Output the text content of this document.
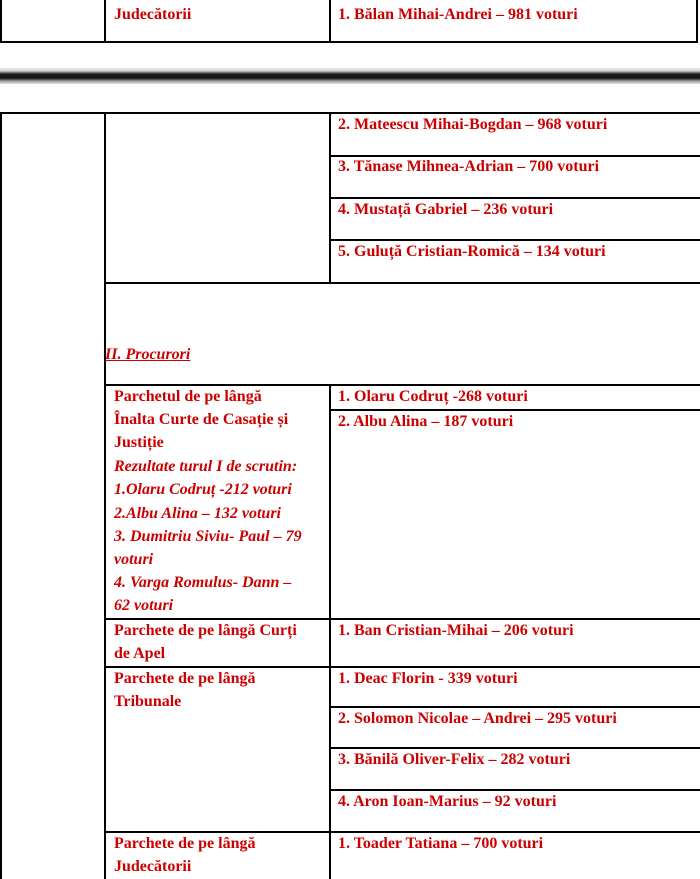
Judecătorii	1. Bălan Mihai-Andrei – 981 voturi
2. Mateescu Mihai-Bogdan – 968 voturi
3. Tănase Mihnea-Adrian – 700 voturi
4. Mustață Gabriel – 236 voturi
5. Guluță Cristian-Romică – 134 voturi
II. Procurori
Parchetul de pe lângă
Înalta Curte de Casație și
Justiție
Rezultate turul I de scrutin:
1.Olaru Codruț -212 voturi
2.Albu Alina – 132 voturi
3. Dumitriu Siviu- Paul – 79
voturi
4. Varga Romulus- Dann –
62 voturi
1. Olaru Codruț -268 voturi
2. Albu Alina – 187 voturi
Parchete de pe lângă Curți
de Apel
1. Ban Cristian-Mihai – 206 voturi
Parchete de pe lângă
Tribunale
1. Deac Florin - 339 voturi
2. Solomon Nicolae – Andrei – 295 voturi
3. Bănilă Oliver-Felix – 282 voturi
4. Aron Ioan-Marius – 92 voturi
Parchete de pe lângă
Judecătorii
1. Toader Tatiana – 700 voturi
